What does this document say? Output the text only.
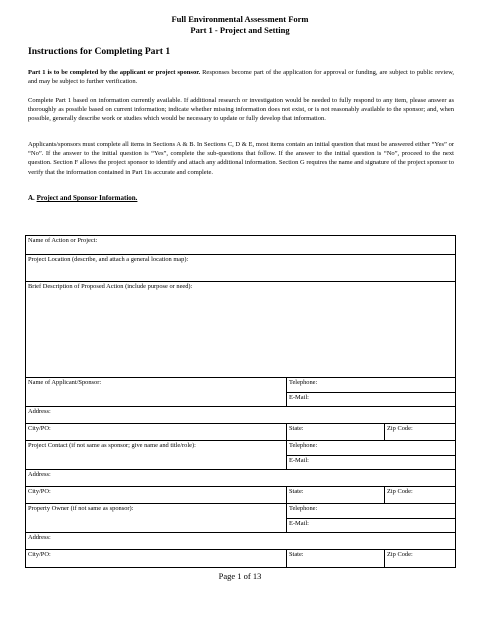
Full Environmental Assessment Form
Part 1 - Project and Setting
Instructions for Completing Part 1
Part 1 is to be completed by the applicant or project sponsor. Responses become part of the application for approval or funding, are subject to public review, and may be subject to further verification.
Complete Part 1 based on information currently available. If additional research or investigation would be needed to fully respond to any item, please answer as thoroughly as possible based on current information; indicate whether missing information does not exist, or is not reasonably available to the sponsor; and, when possible, generally describe work or studies which would be necessary to update or fully develop that information.
Applicants/sponsors must complete all items in Sections A & B. In Sections C, D & E, most items contain an initial question that must be answered either “Yes” or “No”. If the answer to the initial question is “Yes”, complete the sub-questions that follow. If the answer to the initial question is “No”, proceed to the next question. Section F allows the project sponsor to identify and attach any additional information. Section G requires the name and signature of the project sponsor to verify that the information contained in Part 1is accurate and complete.
A. Project and Sponsor Information.
Name of Action or Project:
Project Location (describe, and attach a general location map):
Brief Description of Proposed Action (include purpose or need):
Name of Applicant/Sponsor:	Telephone:
E-Mail:
Address:
City/PO:	State:	Zip Code:
Project Contact (if not same as sponsor; give name and title/role):	Telephone:
E-Mail:
Address:
City/PO:	State:	Zip Code:
Property Owner (if not same as sponsor):	Telephone:
E-Mail:
Address:
City/PO:	State:	Zip Code:
Page 1 of 13
